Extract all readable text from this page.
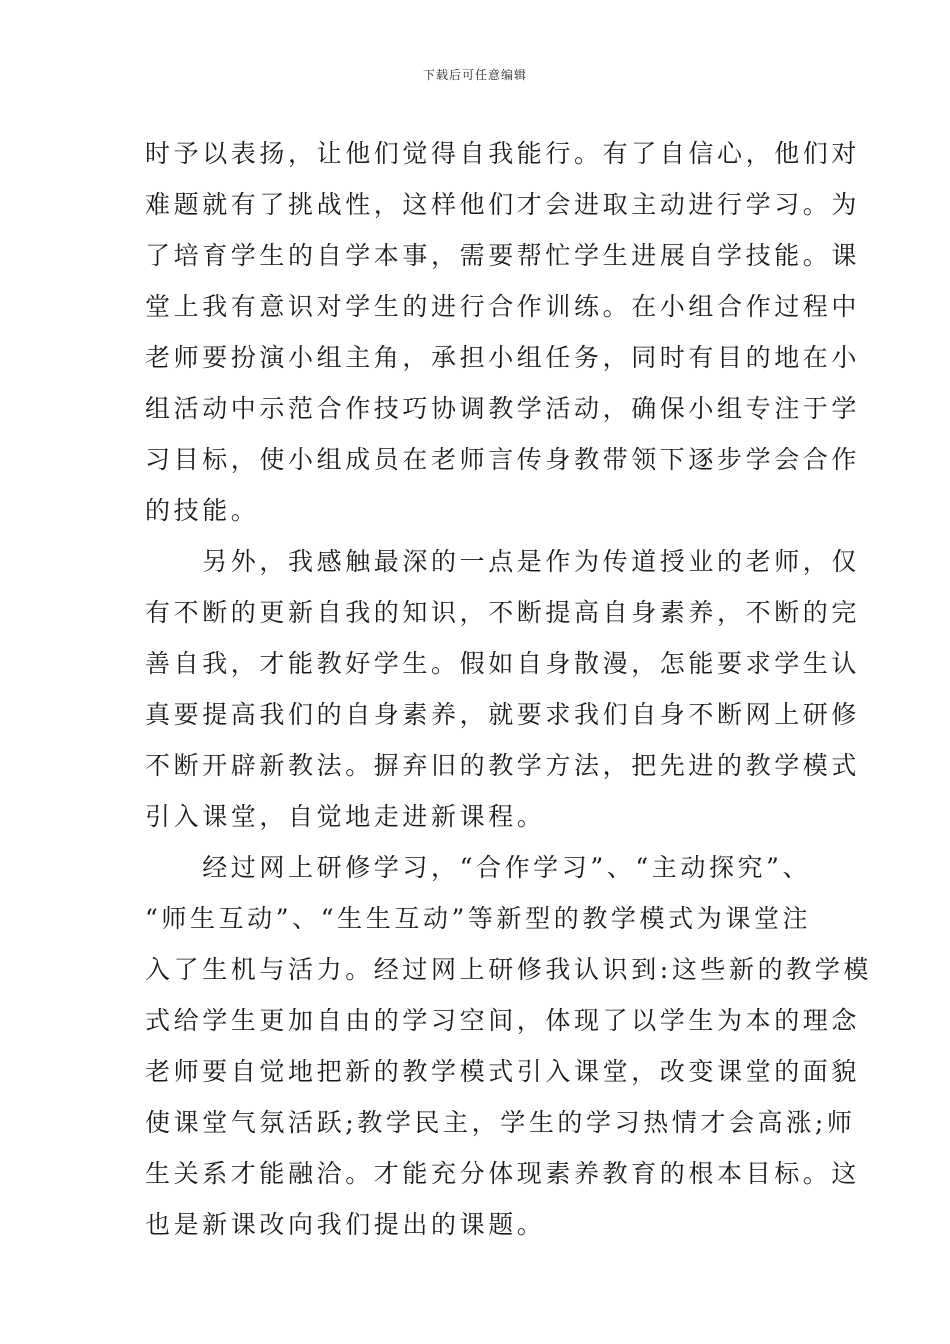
下载后可任意编辑
时予以表扬，让他们觉得自我能行。有了自信心，他们对
难题就有了挑战性，这样他们才会进取主动进行学习。为
了培育学生的自学本事，需要帮忙学生进展自学技能。课
堂上我有意识对学生的进行合作训练。在小组合作过程中
老师要扮演小组主角，承担小组任务，同时有目的地在小
组活动中示范合作技巧协调教学活动，确保小组专注于学
习目标，使小组成员在老师言传身教带领下逐步学会合作
的技能。
　　另外，我感触最深的一点是作为传道授业的老师，仅
有不断的更新自我的知识，不断提高自身素养，不断的完
善自我，才能教好学生。假如自身散漫，怎能要求学生认
真要提高我们的自身素养，就要求我们自身不断网上研修
不断开辟新教法。摒弃旧的教学方法，把先进的教学模式
引入课堂，自觉地走进新课程。
　　经过网上研修学习，“合作学习”、“主动探究”、
“师生互动”、“生生互动”等新型的教学模式为课堂注
入了生机与活力。经过网上研修我认识到:这些新的教学模
式给学生更加自由的学习空间，体现了以学生为本的理念
老师要自觉地把新的教学模式引入课堂，改变课堂的面貌
使课堂气氛活跃;教学民主，学生的学习热情才会高涨;师
生关系才能融洽。才能充分体现素养教育的根本目标。这
也是新课改向我们提出的课题。
